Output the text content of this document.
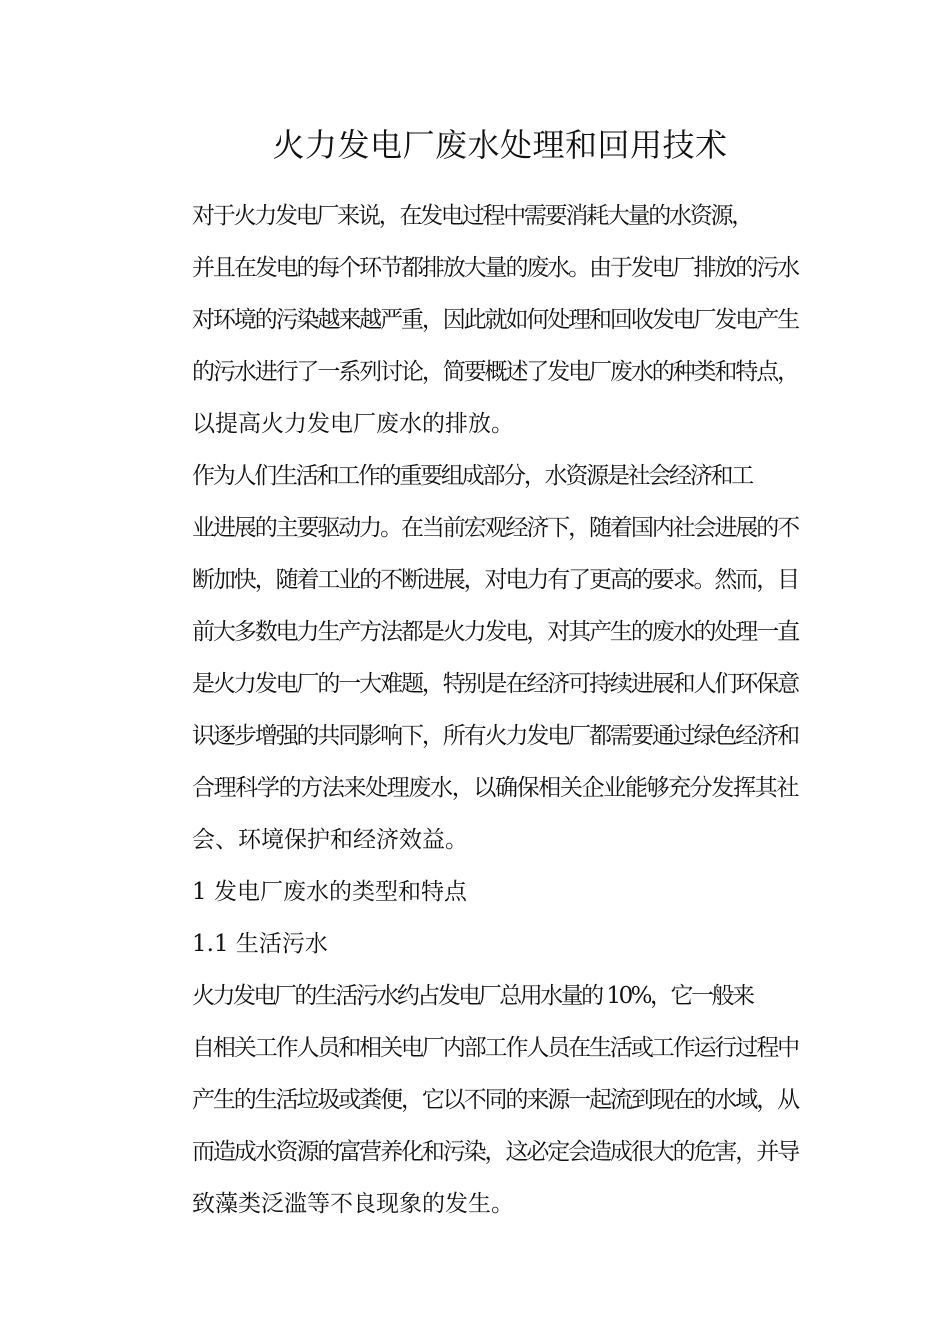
火力发电厂废水处理和回用技术

对于火力发电厂来说，在发电过程中需要消耗大量的水资源，
并且在发电的每个环节都排放大量的废水。由于发电厂排放的污水
对环境的污染越来越严重，因此就如何处理和回收发电厂发电产生
的污水进行了一系列讨论，简要概述了发电厂废水的种类和特点，
以提高火力发电厂废水的排放。

作为人们生活和工作的重要组成部分，水资源是社会经济和工
业进展的主要驱动力。在当前宏观经济下，随着国内社会进展的不
断加快，随着工业的不断进展，对电力有了更高的要求。然而，目
前大多数电力生产方法都是火力发电，对其产生的废水的处理一直
是火力发电厂的一大难题，特别是在经济可持续进展和人们环保意
识逐步增强的共同影响下，所有火力发电厂都需要通过绿色经济和
合理科学的方法来处理废水，以确保相关企业能够充分发挥其社
会、环境保护和经济效益。

1 发电厂废水的类型和特点

1.1 生活污水

火力发电厂的生活污水约占发电厂总用水量的 10%，它一般来
自相关工作人员和相关电厂内部工作人员在生活或工作运行过程中
产生的生活垃圾或粪便，它以不同的来源一起流到现在的水域，从
而造成水资源的富营养化和污染，这必定会造成很大的危害，并导
致藻类泛滥等不良现象的发生。
